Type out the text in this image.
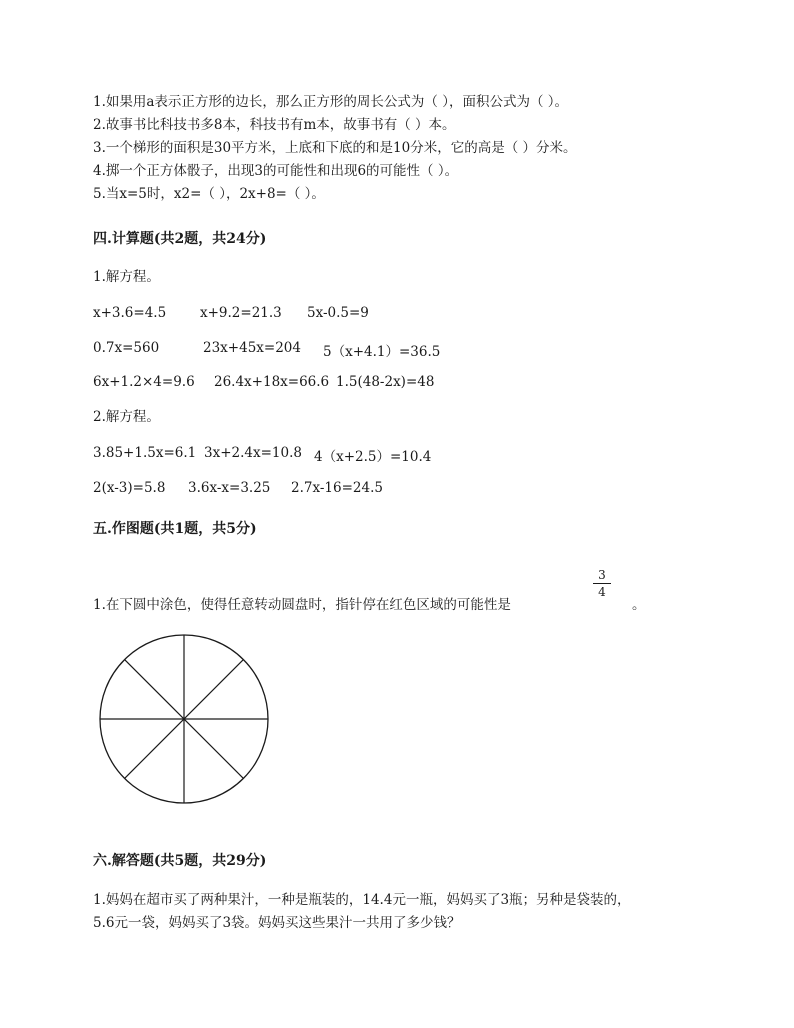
1.如果用a表示正方形的边长，那么正方形的周长公式为（ ），面积公式为（ ）。
2.故事书比科技书多8本，科技书有m本，故事书有（ ）本。
3.一个梯形的面积是30平方米，上底和下底的和是10分米，它的高是（ ）分米。
4.掷一个正方体骰子，出现3的可能性和出现6的可能性（ ）。
5.当x=5时，x2=（ ），2x+8=（ ）。
四.计算题(共2题，共24分)
1.解方程。
x+3.6=4.5	x+9.2=21.3 5x-0.5=9
0.7x=560	23x+45x=204 5（x+4.1）=36.5
6x+1.2×4=9.6 26.4x+18x=66.6 1.5(48-2x)=48
2.解方程。
3.85+1.5x=6.1 3x+2.4x=10.8 4（x+2.5）=10.4
2(x-3)=5.8 3.6x-x=3.25 2.7x-16=24.5
五.作图题(共1题，共5分)
1.在下圆中涂色，使得任意转动圆盘时，指针停在红色区域的可能性是
3
4
。
六.解答题(共5题，共29分)
1.妈妈在超市买了两种果汁，一种是瓶装的，14.4元一瓶，妈妈买了3瓶；另种是袋装的，
5.6元一袋，妈妈买了3袋。妈妈买这些果汁一共用了多少钱？
